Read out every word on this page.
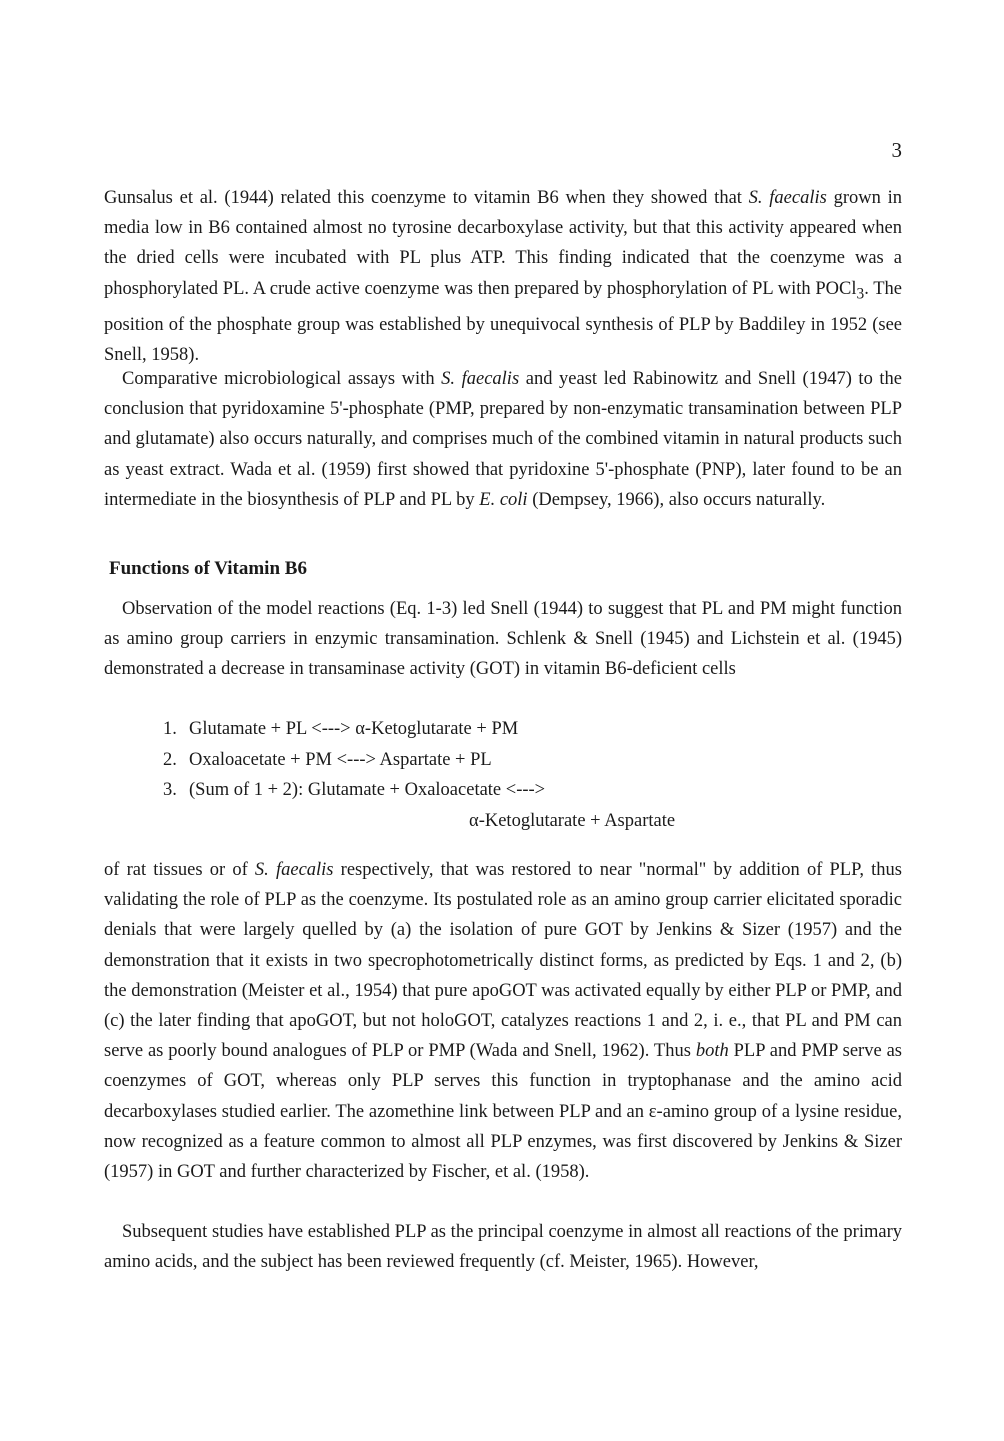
3

Gunsalus et al. (1944) related this coenzyme to vitamin B6 when they showed that S. faecalis grown in media low in B6 contained almost no tyrosine decarboxylase activity, but that this activity appeared when the dried cells were incubated with PL plus ATP. This finding indicated that the coenzyme was a phosphorylated PL. A crude active coenzyme was then prepared by phosphorylation of PL with POCl$_3$. The position of the phosphate group was established by unequivocal synthesis of PLP by Baddiley in 1952 (see Snell, 1958).

Comparative microbiological assays with S. faecalis and yeast led Rabinowitz and Snell (1947) to the conclusion that pyridoxamine 5'-phosphate (PMP, prepared by non-enzymatic transamination between PLP and glutamate) also occurs naturally, and comprises much of the combined vitamin in natural products such as yeast extract. Wada et al. (1959) first showed that pyridoxine 5'-phosphate (PNP), later found to be an intermediate in the biosynthesis of PLP and PL by E. coli (Dempsey, 1966), also occurs naturally.

Functions of Vitamin B6

Observation of the model reactions (Eq. 1-3) led Snell (1944) to suggest that PL and PM might function as amino group carriers in enzymic transamination. Schlenk & Snell (1945) and Lichstein et al. (1945) demonstrated a decrease in transaminase activity (GOT) in vitamin B6-deficient cells

1. Glutamate + PL <---> α-Ketoglutarate + PM
2. Oxaloacetate + PM <---> Aspartate + PL
3. (Sum of 1 + 2): Glutamate + Oxaloacetate <--->
α-Ketoglutarate + Aspartate

of rat tissues or of S. faecalis respectively, that was restored to near "normal" by addition of PLP, thus validating the role of PLP as the coenzyme. Its postulated role as an amino group carrier elicitated sporadic denials that were largely quelled by (a) the isolation of pure GOT by Jenkins & Sizer (1957) and the demonstration that it exists in two specrophotometrically distinct forms, as predicted by Eqs. 1 and 2, (b) the demonstration (Meister et al., 1954) that pure apoGOT was activated equally by either PLP or PMP, and (c) the later finding that apoGOT, but not holoGOT, catalyzes reactions 1 and 2, i. e., that PL and PM can serve as poorly bound analogues of PLP or PMP (Wada and Snell, 1962). Thus both PLP and PMP serve as coenzymes of GOT, whereas only PLP serves this function in tryptophanase and the amino acid decarboxylases studied earlier. The azomethine link between PLP and an ε-amino group of a lysine residue, now recognized as a feature common to almost all PLP enzymes, was first discovered by Jenkins & Sizer (1957) in GOT and further characterized by Fischer, et al. (1958).

Subsequent studies have established PLP as the principal coenzyme in almost all reactions of the primary amino acids, and the subject has been reviewed frequently (cf. Meister, 1965). However,
